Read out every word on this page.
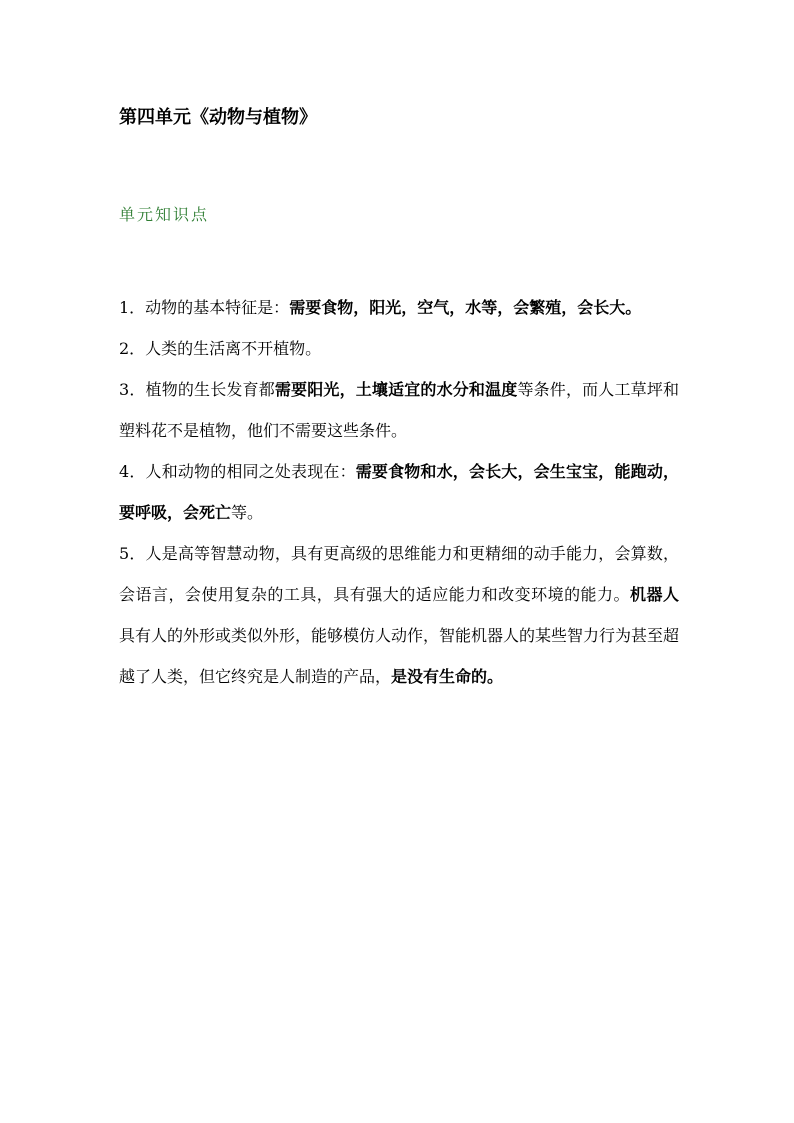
第四单元《动物与植物》
单元知识点
1．动物的基本特征是：需要食物，阳光，空气，水等，会繁殖，会长大。
2．人类的生活离不开植物。
3．植物的生长发育都需要阳光，土壤适宜的水分和温度等条件，而人工草坪和塑料花不是植物，他们不需要这些条件。
4．人和动物的相同之处表现在：需要食物和水，会长大，会生宝宝，能跑动，要呼吸，会死亡等。
5．人是高等智慧动物，具有更高级的思维能力和更精细的动手能力，会算数，会语言，会使用复杂的工具，具有强大的适应能力和改变环境的能力。机器人具有人的外形或类似外形，能够模仿人动作，智能机器人的某些智力行为甚至超越了人类，但它终究是人制造的产品，是没有生命的。
